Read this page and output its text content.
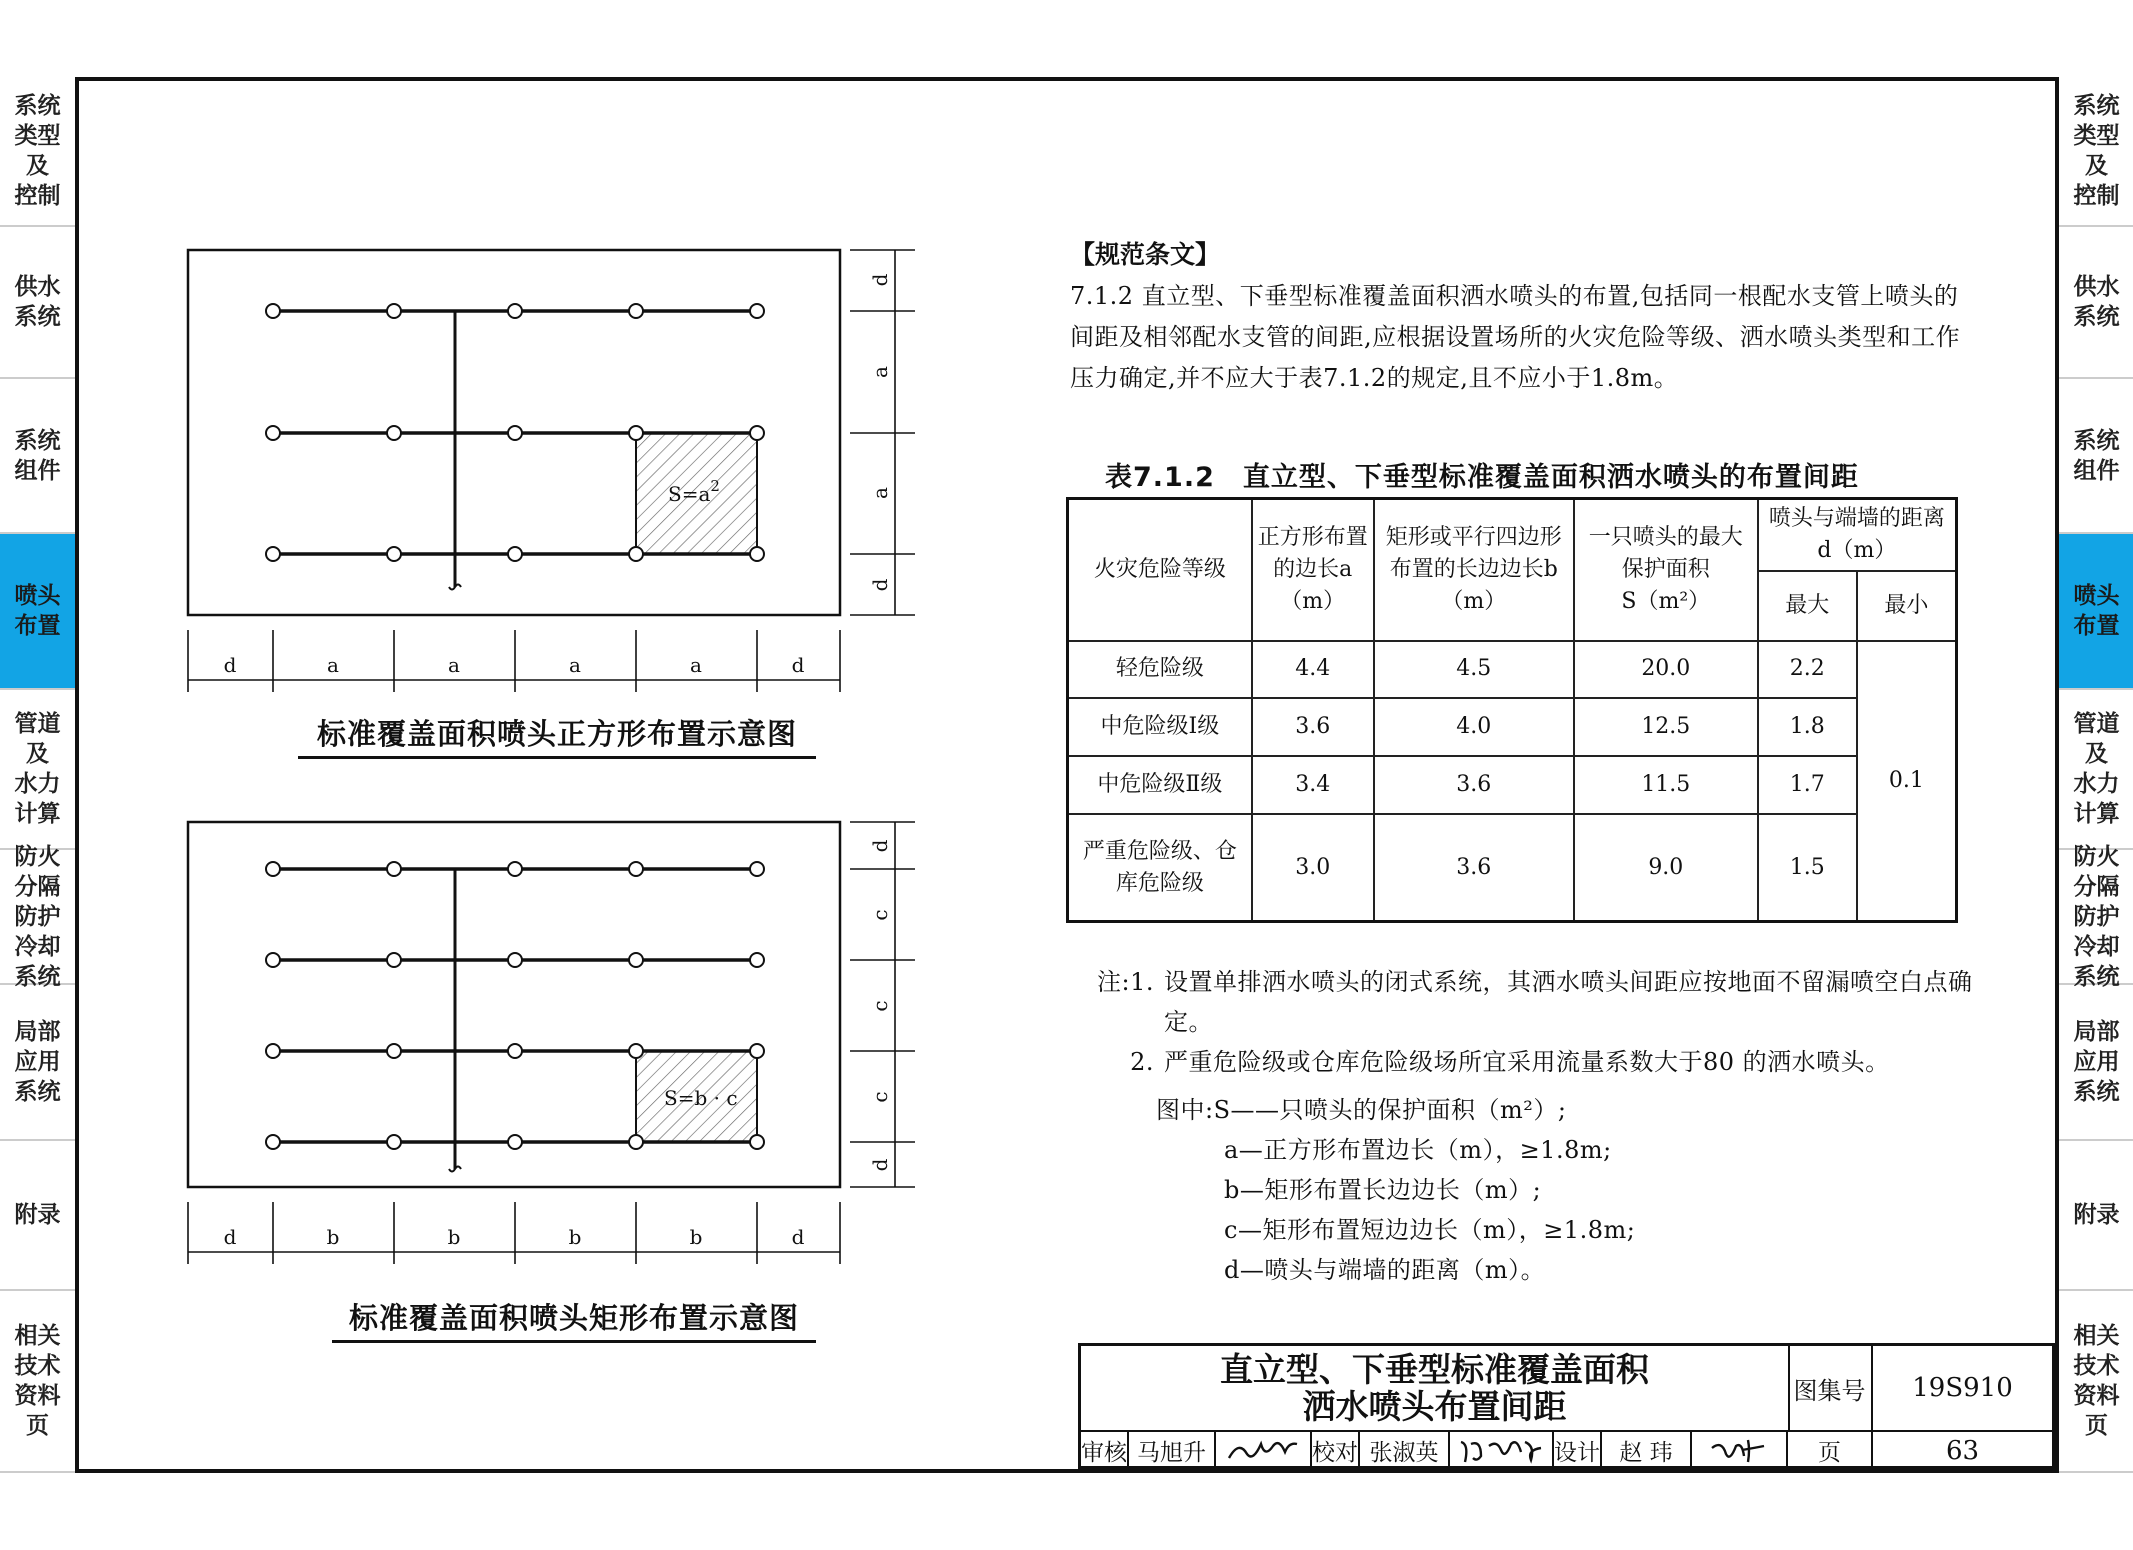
系统
类型
及
控制
供水
系统
系统
组件
喷头
布置
管道
及
水力
计算
防火
分隔
防护
冷却
系统
局部
应用
系统
附录
相关
技术
资料
页
系统
类型
及
控制
供水
系统
系统
组件
喷头
布置
管道
及
水力
计算
防火
分隔
防护
冷却
系统
局部
应用
系统
附录
相关
技术
资料
页
$S=a^2$
d	a	a	a	a	d
d
a
a
d
标准覆盖面积喷头正方形布置示意图
S=b · c
d	b	b	b	b	d
d
c
c
c
d
标准覆盖面积喷头矩形布置示意图
【规范条文】
7.1.2 直立型、下垂型标准覆盖面积洒水喷头的布置,包括同一根配水支管上喷头的间距及相邻配水支管的间距,应根据设置场所的火灾危险等级、洒水喷头类型和工作压力确定,并不应大于表7.1.2的规定,且不应小于1.8m。
表7.1.2　直立型、下垂型标准覆盖面积洒水喷头的布置间距
火灾危险等级	正方形布置的边长a（m）	矩形或平行四边形布置的长边边长b（m）	一只喷头的最大保护面积
S（m²）	喷头与端墙的距离 d（m）	
				最大	最小
轻危险级	4.4	4.5	20.0	2.2	0.1
中危险级Ⅰ级	3.6	4.0	12.5	1.8	
中危险级Ⅱ级	3.4	3.6	11.5	1.7	
严重危险级、仓库危险级	3.0	3.6	9.0	1.5	
注:1. 设置单排洒水喷头的闭式系统，其洒水喷头间距应按地面不留漏喷空白点确定。
2. 严重危险级或仓库危险级场所宜采用流量系数大于80 的洒水喷头。
图中:S——只喷头的保护面积（m²）;
a—正方形布置边长（m），≥1.8m;
b—矩形布置长边边长（m）;
c—矩形布置短边边长（m），≥1.8m;
d—喷头与端墙的距离（m）。
直立型、下垂型标准覆盖面积
洒水喷头布置间距	图集号	19S910
审核 马旭升	校对 张淑英	设计 赵 玮	页	63
